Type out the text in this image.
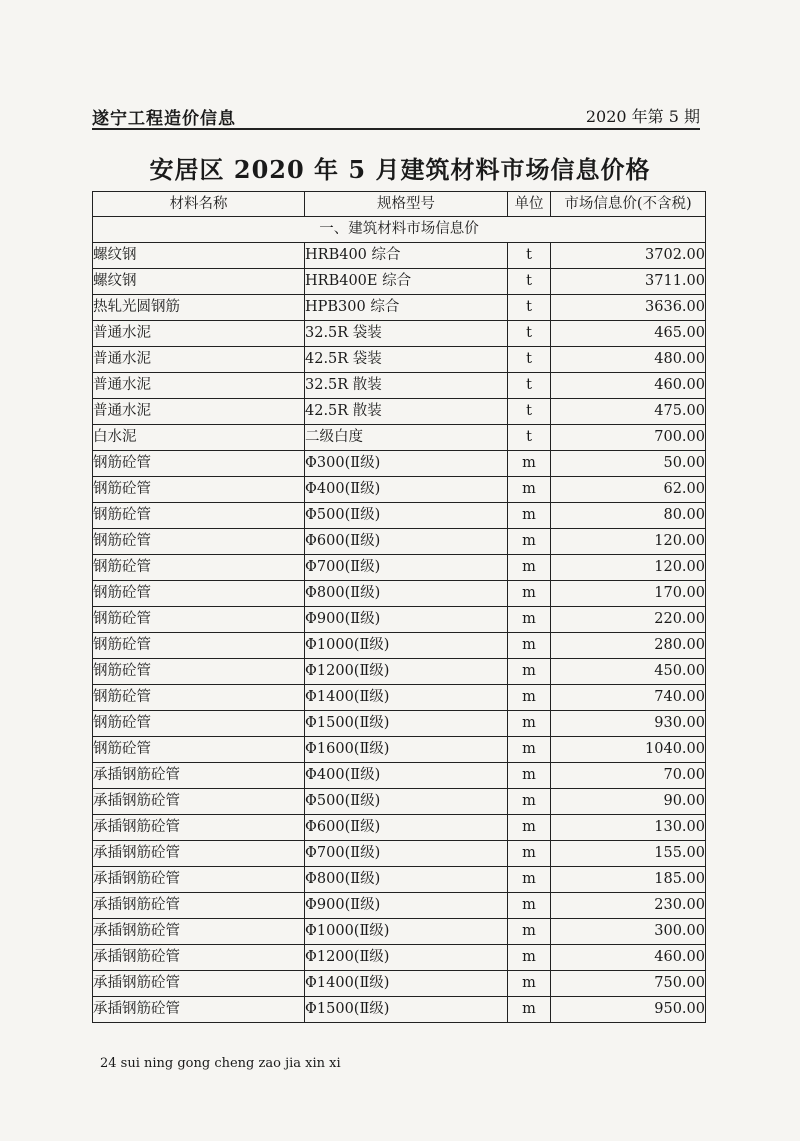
遂宁工程造价信息	2020 年第 5 期
安居区 2020 年 5 月建筑材料市场信息价格
材料名称	规格型号	单位	市场信息价(不含税)
一、建筑材料市场信息价			
螺纹钢	HRB400 综合	t	3702.00
螺纹钢	HRB400E 综合	t	3711.00
热轧光圆钢筋	HPB300 综合	t	3636.00
普通水泥	32.5R 袋装	t	465.00
普通水泥	42.5R 袋装	t	480.00
普通水泥	32.5R 散装	t	460.00
普通水泥	42.5R 散装	t	475.00
白水泥	二级白度	t	700.00
钢筋砼管	Φ300(Ⅱ级)	m	50.00
钢筋砼管	Φ400(Ⅱ级)	m	62.00
钢筋砼管	Φ500(Ⅱ级)	m	80.00
钢筋砼管	Φ600(Ⅱ级)	m	120.00
钢筋砼管	Φ700(Ⅱ级)	m	120.00
钢筋砼管	Φ800(Ⅱ级)	m	170.00
钢筋砼管	Φ900(Ⅱ级)	m	220.00
钢筋砼管	Φ1000(Ⅱ级)	m	280.00
钢筋砼管	Φ1200(Ⅱ级)	m	450.00
钢筋砼管	Φ1400(Ⅱ级)	m	740.00
钢筋砼管	Φ1500(Ⅱ级)	m	930.00
钢筋砼管	Φ1600(Ⅱ级)	m	1040.00
承插钢筋砼管	Φ400(Ⅱ级)	m	70.00
承插钢筋砼管	Φ500(Ⅱ级)	m	90.00
承插钢筋砼管	Φ600(Ⅱ级)	m	130.00
承插钢筋砼管	Φ700(Ⅱ级)	m	155.00
承插钢筋砼管	Φ800(Ⅱ级)	m	185.00
承插钢筋砼管	Φ900(Ⅱ级)	m	230.00
承插钢筋砼管	Φ1000(Ⅱ级)	m	300.00
承插钢筋砼管	Φ1200(Ⅱ级)	m	460.00
承插钢筋砼管	Φ1400(Ⅱ级)	m	750.00
承插钢筋砼管	Φ1500(Ⅱ级)	m	950.00
24 sui ning gong cheng zao jia xin xi
